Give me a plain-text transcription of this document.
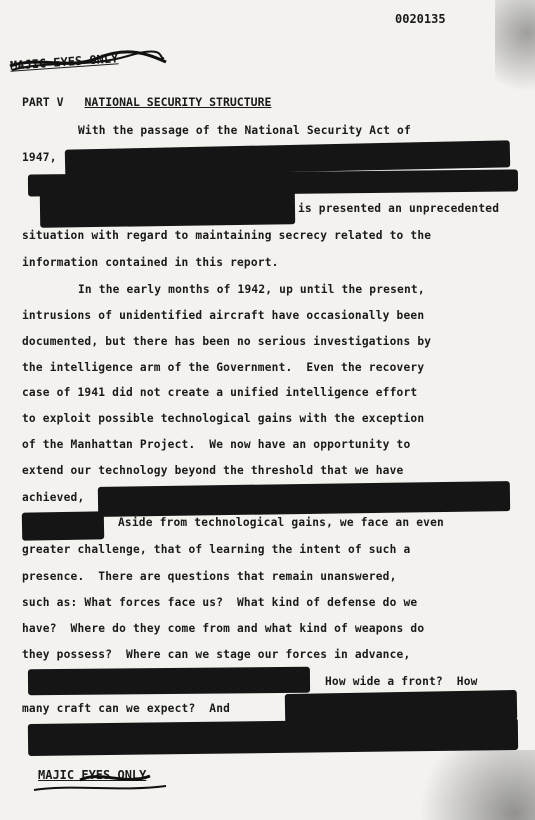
0020135
MAJIC EYES ONLY
PART V NATIONAL SECURITY STRUCTURE
With the passage of the National Security Act of
1947,
is presented an unprecedented
situation with regard to maintaining secrecy related to the
information contained in this report.
In the early months of 1942, up until the present,
intrusions of unidentified aircraft have occasionally been
documented, but there has been no serious investigations by
the intelligence arm of the Government.  Even the recovery
case of 1941 did not create a unified intelligence effort
to exploit possible technological gains with the exception
of the Manhattan Project.  We now have an opportunity to
extend our technology beyond the threshold that we have
achieved,
Aside from technological gains, we face an even
greater challenge, that of learning the intent of such a
presence.  There are questions that remain unanswered,
such as: What forces face us?  What kind of defense do we
have?  Where do they come from and what kind of weapons do
they possess?  Where can we stage our forces in advance,
How wide a front?  How
many craft can we expect?  And
MAJIC EYES ONLY
